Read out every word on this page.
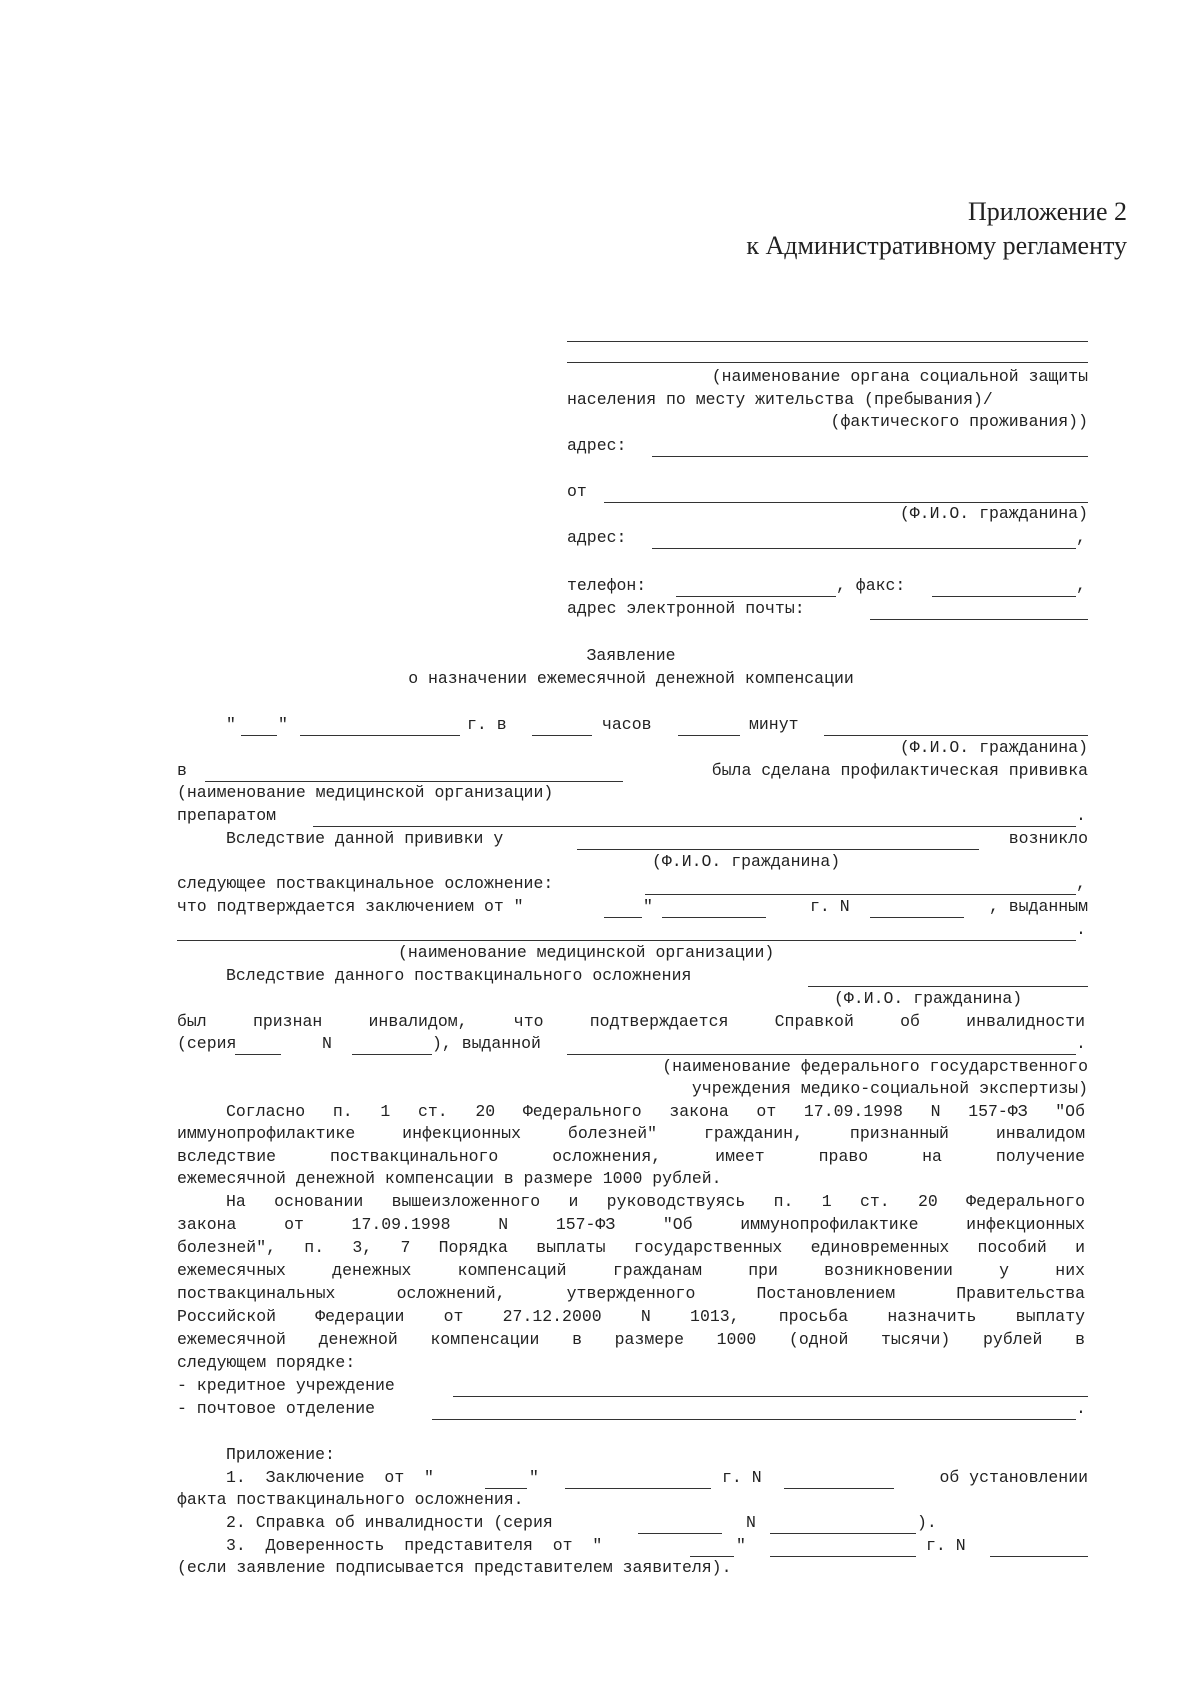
Приложение 2
к Административному регламенту
(наименование органа социальной защиты
населения по месту жительства (пребывания)/
(фактического проживания))
адрес:
от
(Ф.И.О. гражданина)
адрес:	,
телефон:	, факс:	,
адрес электронной почты:
Заявление
о назначении ежемесячной денежной компенсации
"	"	г. в	часов	минут
(Ф.И.О. гражданина)
в	была сделана профилактическая прививка
(наименование медицинской организации)
препаратом	.
Вследствие данной прививки у	возникло
(Ф.И.О. гражданина)
следующее поствакцинальное осложнение:	,
что подтверждается заключением от "	"	г. N	, выданным
.
(наименование медицинской организации)
Вследствие данного поствакцинального осложнения
(Ф.И.О. гражданина)
был признан инвалидом, что подтверждается Справкой об инвалидности
(серия	N	), выданной	.
(наименование федерального государственного
учреждения медико-социальной экспертизы)
Согласно п. 1 ст. 20 Федерального закона от 17.09.1998 N 157-ФЗ "Об
иммунопрофилактике инфекционных болезней" гражданин, признанный инвалидом
вследствие поствакцинального осложнения, имеет право на получение
ежемесячной денежной компенсации в размере 1000 рублей.
На основании вышеизложенного и руководствуясь п. 1 ст. 20 Федерального
закона от 17.09.1998 N 157-ФЗ "Об иммунопрофилактике инфекционных
болезней", п. 3, 7 Порядка выплаты государственных единовременных пособий и
ежемесячных денежных компенсаций гражданам при возникновении у них
поствакцинальных осложнений, утвержденного Постановлением Правительства
Российской Федерации от 27.12.2000 N 1013, просьба назначить выплату
ежемесячной денежной компенсации в размере 1000 (одной тысячи) рублей в
следующем порядке:
- кредитное учреждение
- почтовое отделение	.
Приложение:
1.  Заключение  от  "	"	г. N	об установлении
факта поствакцинального осложнения.
2. Справка об инвалидности (серия	N	).
3.  Доверенность  представителя  от  "	"	г. N
(если заявление подписывается представителем заявителя).
